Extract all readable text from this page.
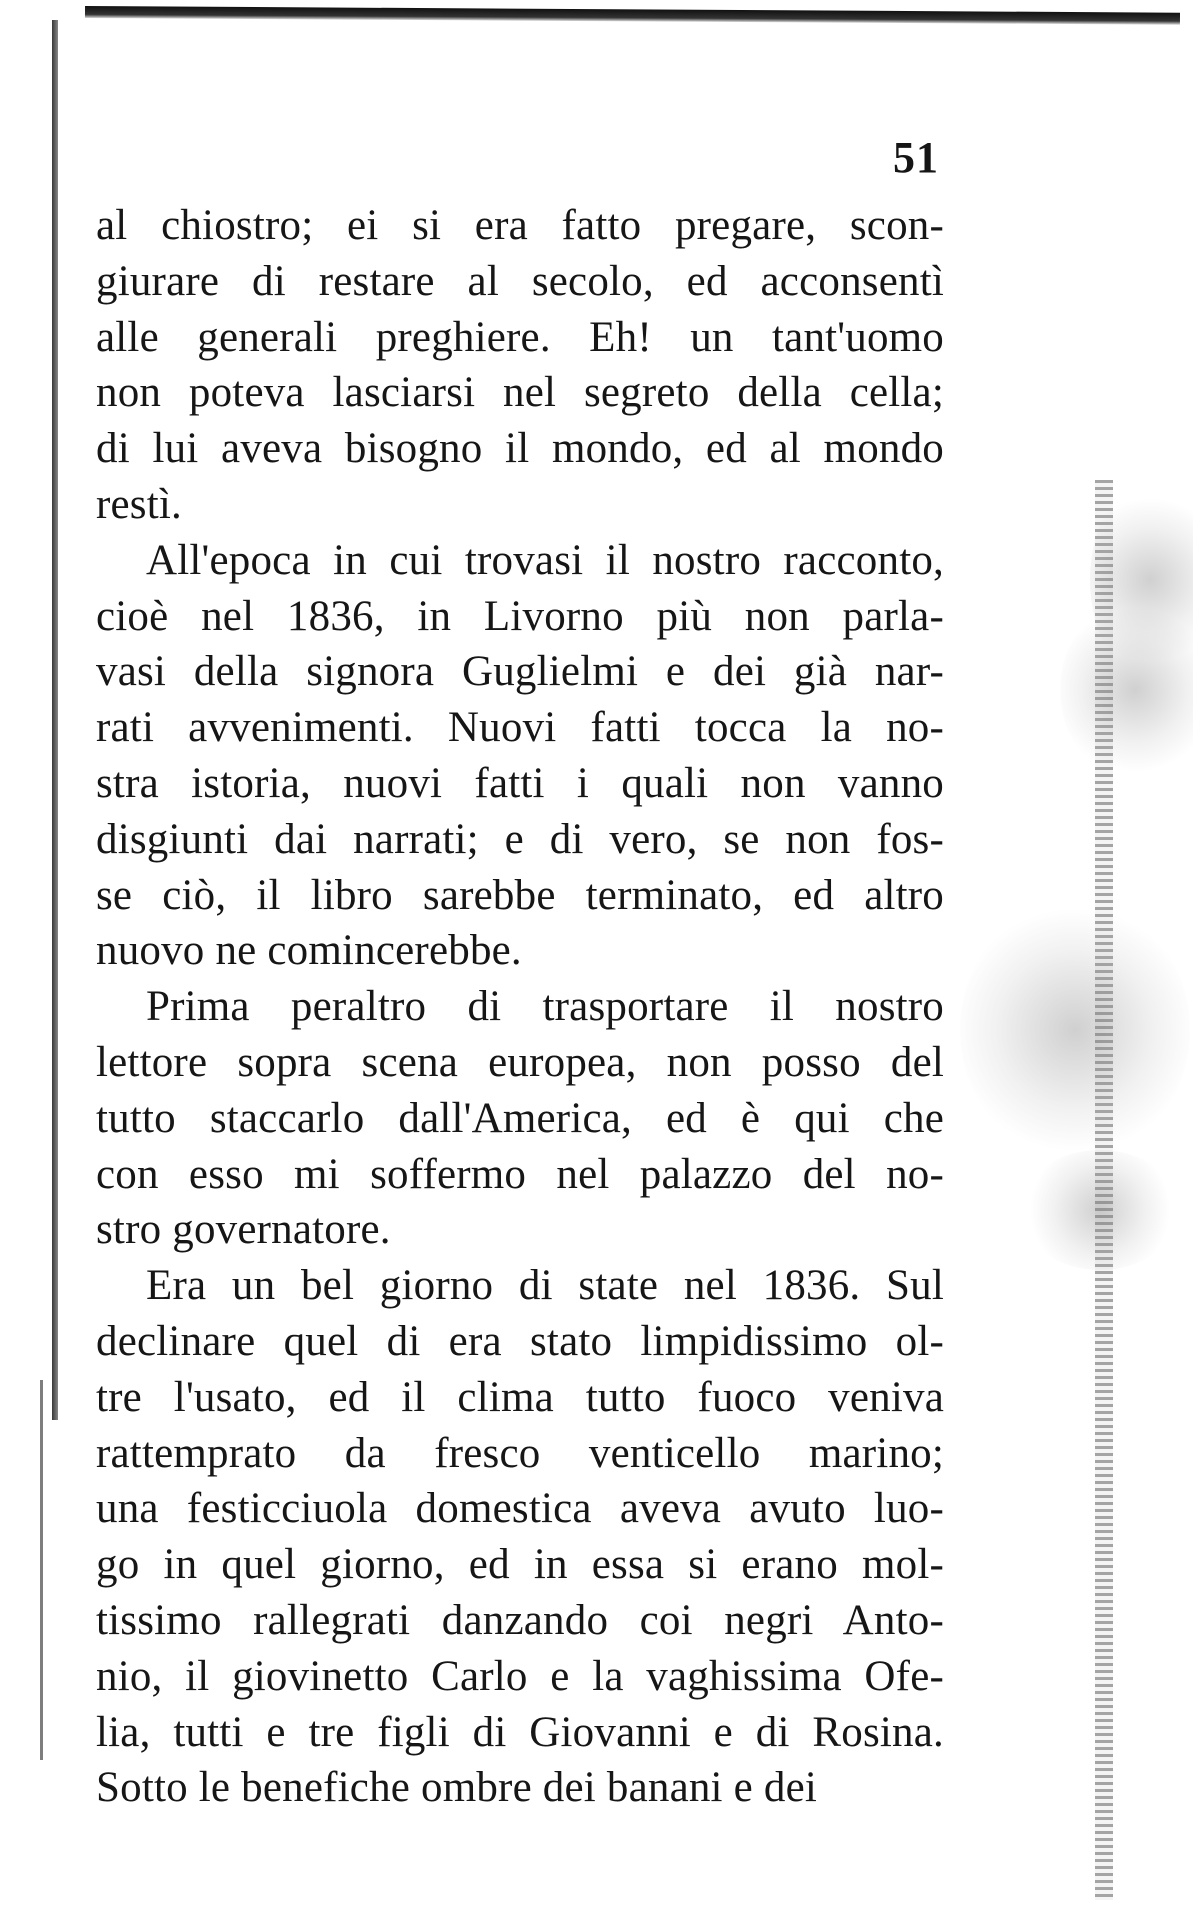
51
al chiostro; ei si era fatto pregare, scon-
giurare di restare al secolo, ed acconsentì
alle generali preghiere. Eh! un tant'uomo
non poteva lasciarsi nel segreto della cella;
di lui aveva bisogno il mondo, ed al mondo
restì.
All'epoca in cui trovasi il nostro racconto,
cioè nel 1836, in Livorno più non parla-
vasi della signora Guglielmi e dei già nar-
rati avvenimenti. Nuovi fatti tocca la no-
stra istoria, nuovi fatti i quali non vanno
disgiunti dai narrati; e di vero, se non fos-
se ciò, il libro sarebbe terminato, ed altro
nuovo ne comincerebbe.
Prima peraltro di trasportare il nostro
lettore sopra scena europea, non posso del
tutto staccarlo dall'America, ed è qui che
con esso mi soffermo nel palazzo del no-
stro governatore.
Era un bel giorno di state nel 1836. Sul
declinare quel di era stato limpidissimo ol-
tre l'usato, ed il clima tutto fuoco veniva
rattemprato da fresco venticello marino;
una festicciuola domestica aveva avuto luo-
go in quel giorno, ed in essa si erano mol-
tissimo rallegrati danzando coi negri Anto-
nio, il giovinetto Carlo e la vaghissima Ofe-
lia, tutti e tre figli di Giovanni e di Rosina.
Sotto le benefiche ombre dei banani e dei
